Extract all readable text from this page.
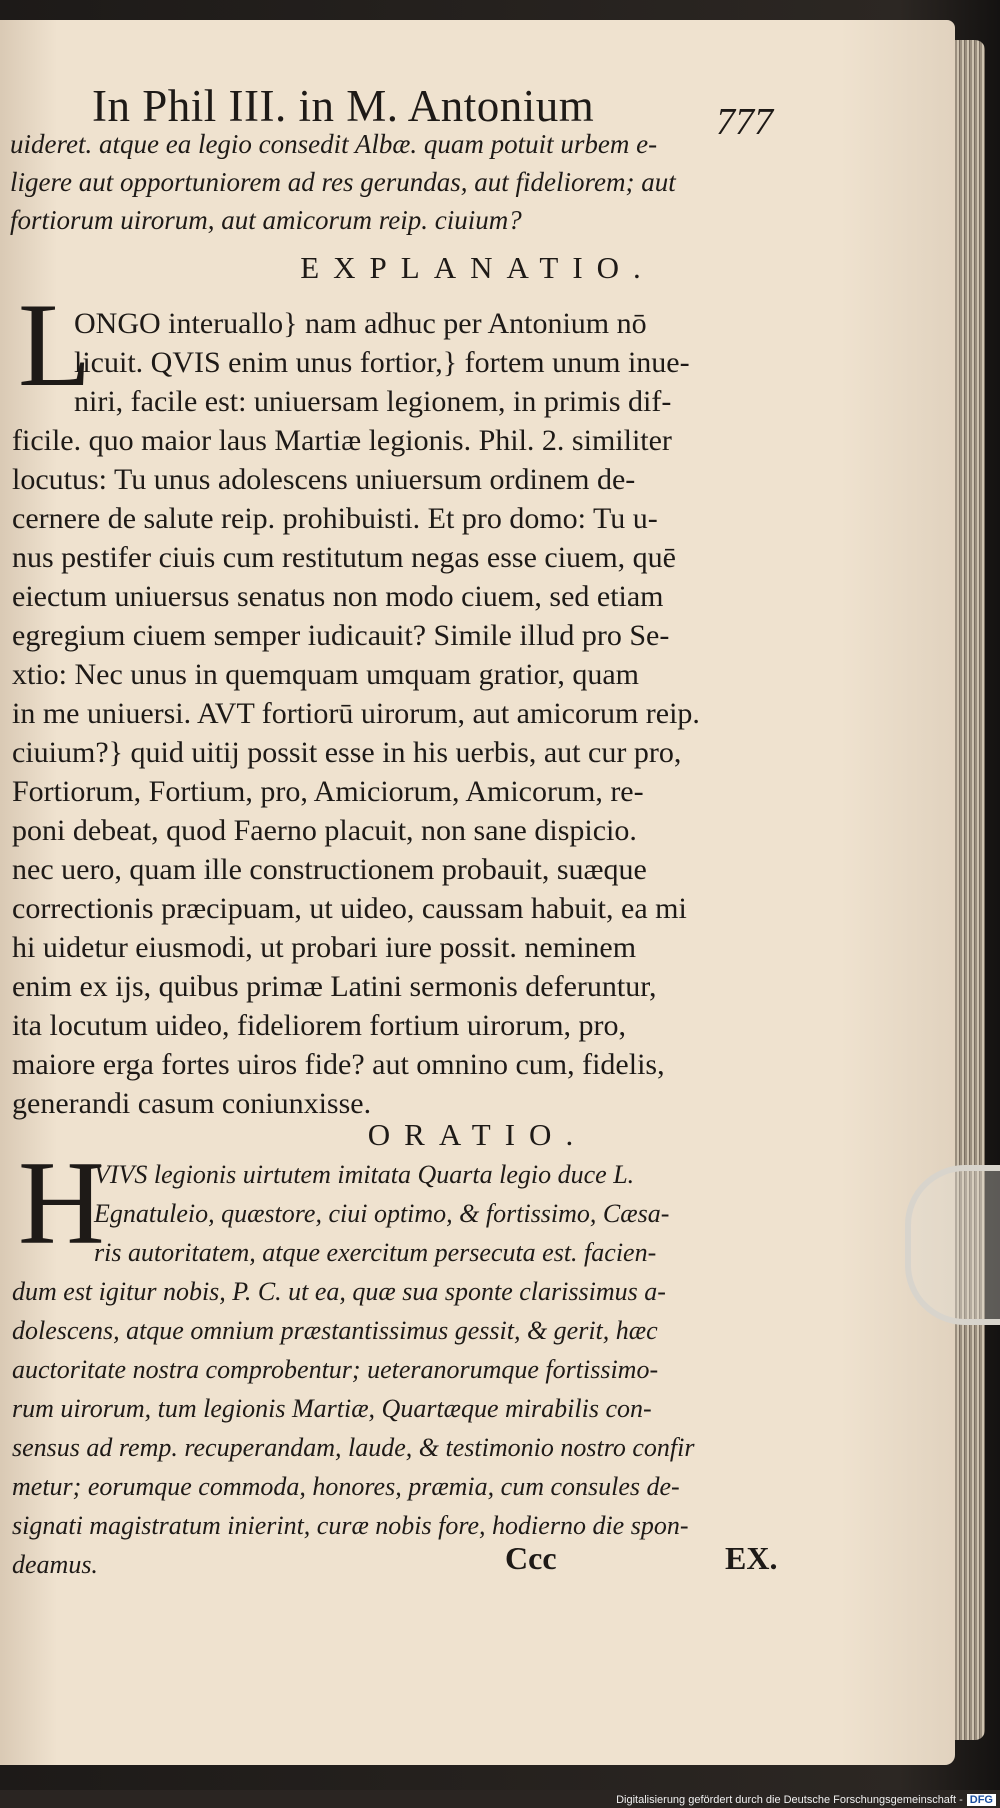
In Phil III. in M. Antonium	777
uideret. atque ea legio consedit Albæ. quam potuit urbem e-
ligere aut opportuniorem ad res gerundas, aut fideliorem; aut
fortiorum uirorum, aut amicorum reip. ciuium?
EXPLANATIO.
L
ONGO interuallo} nam adhuc per Antonium nō
licuit. QVIS enim unus fortior,} fortem unum inue-
niri, facile est: uniuersam legionem, in primis dif-
ficile. quo maior laus Martiæ legionis. Phil. 2. similiter
locutus: Tu unus adolescens uniuersum ordinem de-
cernere de salute reip. prohibuisti. Et pro domo: Tu u-
nus pestifer ciuis cum restitutum negas esse ciuem, quē
eiectum uniuersus senatus non modo ciuem, sed etiam
egregium ciuem semper iudicauit? Simile illud pro Se-
xtio: Nec unus in quemquam umquam gratior, quam
in me uniuersi. AVT fortiorū uirorum, aut amicorum reip.
ciuium?} quid uitij possit esse in his uerbis, aut cur pro,
Fortiorum, Fortium, pro, Amiciorum, Amicorum, re-
poni debeat, quod Faerno placuit, non sane dispicio.
nec uero, quam ille constructionem probauit, suæque
correctionis præcipuam, ut uideo, caussam habuit, ea mi
hi uidetur eiusmodi, ut probari iure possit. neminem
enim ex ijs, quibus primæ Latini sermonis deferuntur,
ita locutum uideo, fideliorem fortium uirorum, pro,
maiore erga fortes uiros fide? aut omnino cum, fidelis,
generandi casum coniunxisse.
ORATIO.
H
VIVS legionis uirtutem imitata Quarta legio duce L.
Egnatuleio, quæstore, ciui optimo, & fortissimo, Cæsa-
ris autoritatem, atque exercitum persecuta est. facien-
dum est igitur nobis, P. C. ut ea, quæ sua sponte clarissimus a-
dolescens, atque omnium præstantissimus gessit, & gerit, hæc
auctoritate nostra comprobentur; ueteranorumque fortissimo-
rum uirorum, tum legionis Martiæ, Quartæque mirabilis con-
sensus ad remp. recuperandam, laude, & testimonio nostro confir
metur; eorumque commoda, honores, præmia, cum consules de-
signati magistratum inierint, curæ nobis fore, hodierno die spon-
deamus.	Ccc	EX.
Digitalisierung gefördert durch die Deutsche Forschungsgemeinschaft - DFG
